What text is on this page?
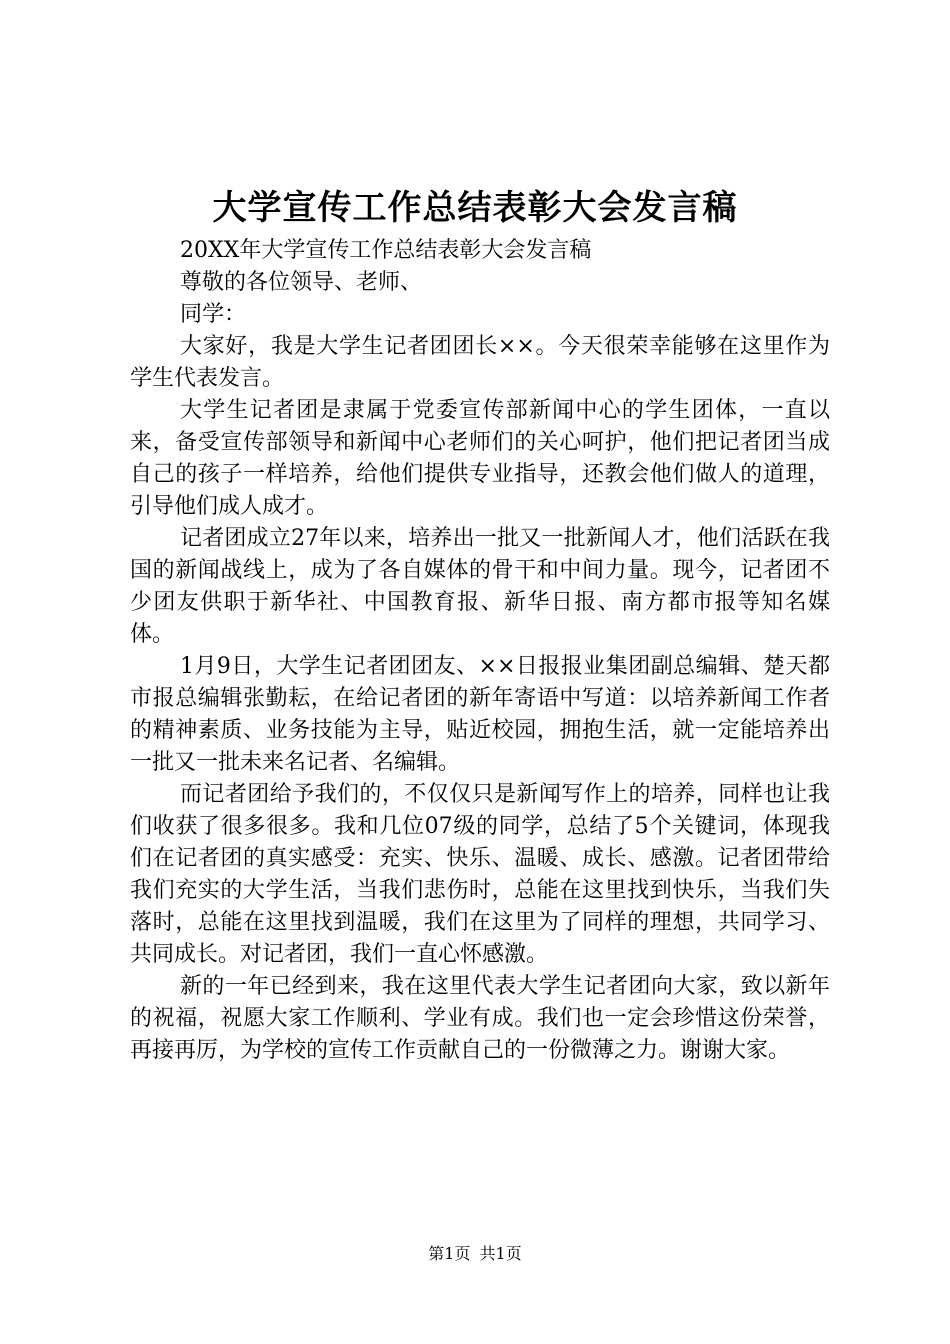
大学宣传工作总结表彰大会发言稿

20XX年大学宣传工作总结表彰大会发言稿

尊敬的各位领导、老师、

同学：

大家好，我是大学生记者团团长××。今天很荣幸能够在这里作为学生代表发言。

大学生记者团是隶属于党委宣传部新闻中心的学生团体，一直以来，备受宣传部领导和新闻中心老师们的关心呵护，他们把记者团当成自己的孩子一样培养，给他们提供专业指导，还教会他们做人的道理，引导他们成人成才。

记者团成立27年以来，培养出一批又一批新闻人才，他们活跃在我国的新闻战线上，成为了各自媒体的骨干和中间力量。现今，记者团不少团友供职于新华社、中国教育报、新华日报、南方都市报等知名媒体。

1月9日，大学生记者团团友、××日报报业集团副总编辑、楚天都市报总编辑张勤耘，在给记者团的新年寄语中写道：以培养新闻工作者的精神素质、业务技能为主导，贴近校园，拥抱生活，就一定能培养出一批又一批未来名记者、名编辑。

而记者团给予我们的，不仅仅只是新闻写作上的培养，同样也让我们收获了很多很多。我和几位07级的同学，总结了5个关键词，体现我们在记者团的真实感受：充实、快乐、温暖、成长、感激。记者团带给我们充实的大学生活，当我们悲伤时，总能在这里找到快乐，当我们失落时，总能在这里找到温暖，我们在这里为了同样的理想，共同学习、共同成长。对记者团，我们一直心怀感激。

新的一年已经到来，我在这里代表大学生记者团向大家，致以新年的祝福，祝愿大家工作顺利、学业有成。我们也一定会珍惜这份荣誉，再接再厉，为学校的宣传工作贡献自己的一份微薄之力。谢谢大家。

第1页 共1页
